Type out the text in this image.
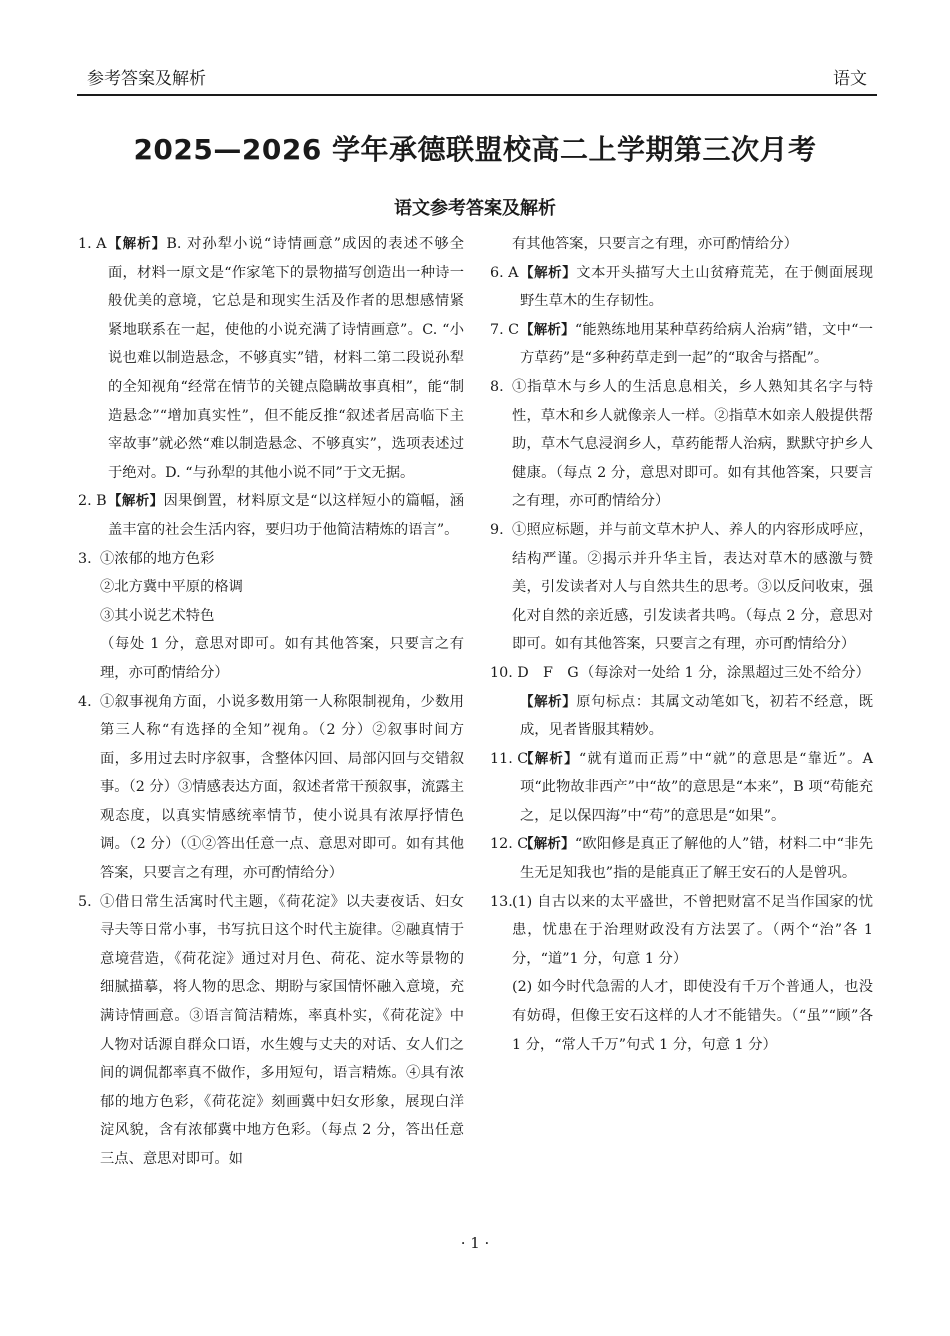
参考答案及解析	语文
2025—2026 学年承德联盟校高二上学期第三次月考
语文参考答案及解析
1. A 【解析】B. 对孙犁小说“诗情画意”成因的表述不够全面，材料一原文是“作家笔下的景物描写创造出一种诗一般优美的意境，它总是和现实生活及作者的思想感情紧紧地联系在一起，使他的小说充满了诗情画意”。C. “小说也难以制造悬念，不够真实”错，材料二第二段说孙犁的全知视角“经常在情节的关键点隐瞒故事真相”，能“制造悬念”“增加真实性”，但不能反推“叙述者居高临下主宰故事”就必然“难以制造悬念、不够真实”，选项表述过于绝对。D. “与孙犁的其他小说不同”于文无据。
2. B 【解析】因果倒置，材料原文是“以这样短小的篇幅，涵盖丰富的社会生活内容，要归功于他简洁精炼的语言”。
3. ①浓郁的地方色彩
②北方冀中平原的格调
③其小说艺术特色
（每处 1 分，意思对即可。如有其他答案，只要言之有理，亦可酌情给分）
4. ①叙事视角方面，小说多数用第一人称限制视角，少数用第三人称“有选择的全知”视角。（2 分）②叙事时间方面，多用过去时序叙事，含整体闪回、局部闪回与交错叙事。（2 分）③情感表达方面，叙述者常干预叙事，流露主观态度，以真实情感统率情节，使小说具有浓厚抒情色调。（2 分）（①②答出任意一点、意思对即可。如有其他答案，只要言之有理，亦可酌情给分）
5. ①借日常生活寓时代主题，《荷花淀》以夫妻夜话、妇女寻夫等日常小事，书写抗日这个时代主旋律。②融真情于意境营造，《荷花淀》通过对月色、荷花、淀水等景物的细腻描摹，将人物的思念、期盼与家国情怀融入意境，充满诗情画意。③语言简洁精炼，率真朴实，《荷花淀》中人物对话源自群众口语，水生嫂与丈夫的对话、女人们之间的调侃都率真不做作，多用短句，语言精炼。④具有浓郁的地方色彩，《荷花淀》刻画冀中妇女形象，展现白洋淀风貌，含有浓郁冀中地方色彩。（每点 2 分，答出任意三点、意思对即可。如
有其他答案，只要言之有理，亦可酌情给分）
6. A 【解析】文本开头描写大土山贫瘠荒芜，在于侧面展现野生草木的生存韧性。
7. C 【解析】“能熟练地用某种草药给病人治病”错，文中“一方草药”是“多种药草走到一起”的“取舍与搭配”。
8. ①指草木与乡人的生活息息相关，乡人熟知其名字与特性，草木和乡人就像亲人一样。②指草木如亲人般提供帮助，草木气息浸润乡人，草药能帮人治病，默默守护乡人健康。（每点 2 分，意思对即可。如有其他答案，只要言之有理，亦可酌情给分）
9. ①照应标题，并与前文草木护人、养人的内容形成呼应，结构严谨。②揭示并升华主旨，表达对草木的感激与赞美，引发读者对人与自然共生的思考。③以反问收束，强化对自然的亲近感，引发读者共鸣。（每点 2 分，意思对即可。如有其他答案，只要言之有理，亦可酌情给分）
10. D　F　G （每涂对一处给 1 分，涂黑超过三处不给分）
【解析】原句标点：其属文动笔如飞，初若不经意，既成，见者皆服其精妙。
11. C
【解析】“就有道而正焉”中“就”的意思是“靠近”。A 项“此物故非西产”中“故”的意思是“本来”，B 项“苟能充之，足以保四海”中“苟”的意思是“如果”。
12. C
【解析】“欧阳修是真正了解他的人”错，材料二中“非先生无足知我也”指的是能真正了解王安石的人是曾巩。
13. (1) 自古以来的太平盛世，不曾把财富不足当作国家的忧患，忧患在于治理财政没有方法罢了。（两个“治”各 1 分，“道”1 分，句意 1 分）
(2) 如今时代急需的人才，即使没有千万个普通人，也没有妨碍，但像王安石这样的人才不能错失。（“虽”“顾”各 1 分，“常人千万”句式 1 分，句意 1 分）
· 1 ·
